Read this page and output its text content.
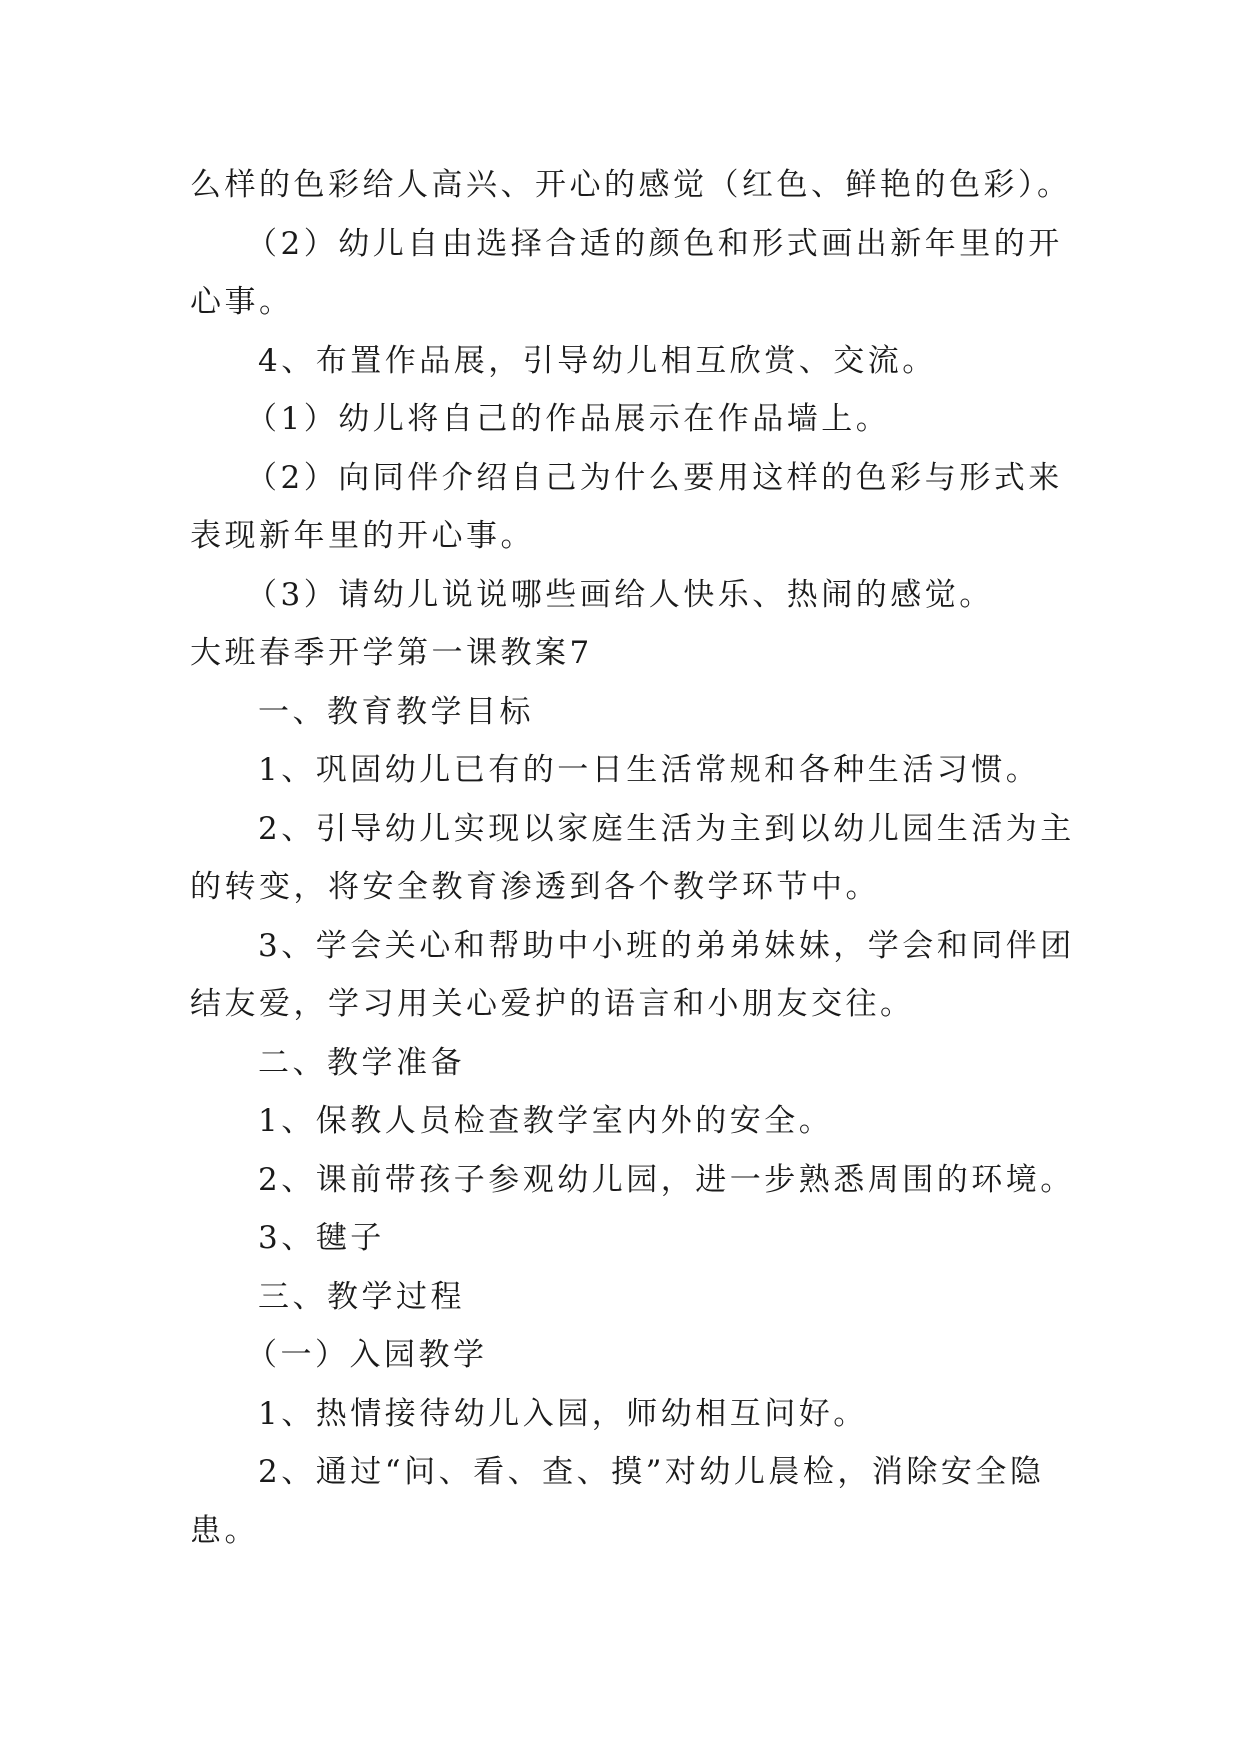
么样的色彩给人高兴、开心的感觉（红色、鲜艳的色彩）。
（2）幼儿自由选择合适的颜色和形式画出新年里的开
心事。
4、布置作品展，引导幼儿相互欣赏、交流。
（1）幼儿将自己的作品展示在作品墙上。
（2）向同伴介绍自己为什么要用这样的色彩与形式来
表现新年里的开心事。
（3）请幼儿说说哪些画给人快乐、热闹的感觉。
大班春季开学第一课教案7
一、教育教学目标
1、巩固幼儿已有的一日生活常规和各种生活习惯。
2、引导幼儿实现以家庭生活为主到以幼儿园生活为主
的转变，将安全教育渗透到各个教学环节中。
3、学会关心和帮助中小班的弟弟妹妹，学会和同伴团
结友爱，学习用关心爱护的语言和小朋友交往。
二、教学准备
1、保教人员检查教学室内外的安全。
2、课前带孩子参观幼儿园，进一步熟悉周围的环境。
3、毽子
三、教学过程
（一）入园教学
1、热情接待幼儿入园，师幼相互问好。
2、通过“问、看、查、摸”对幼儿晨检，消除安全隐
患。
